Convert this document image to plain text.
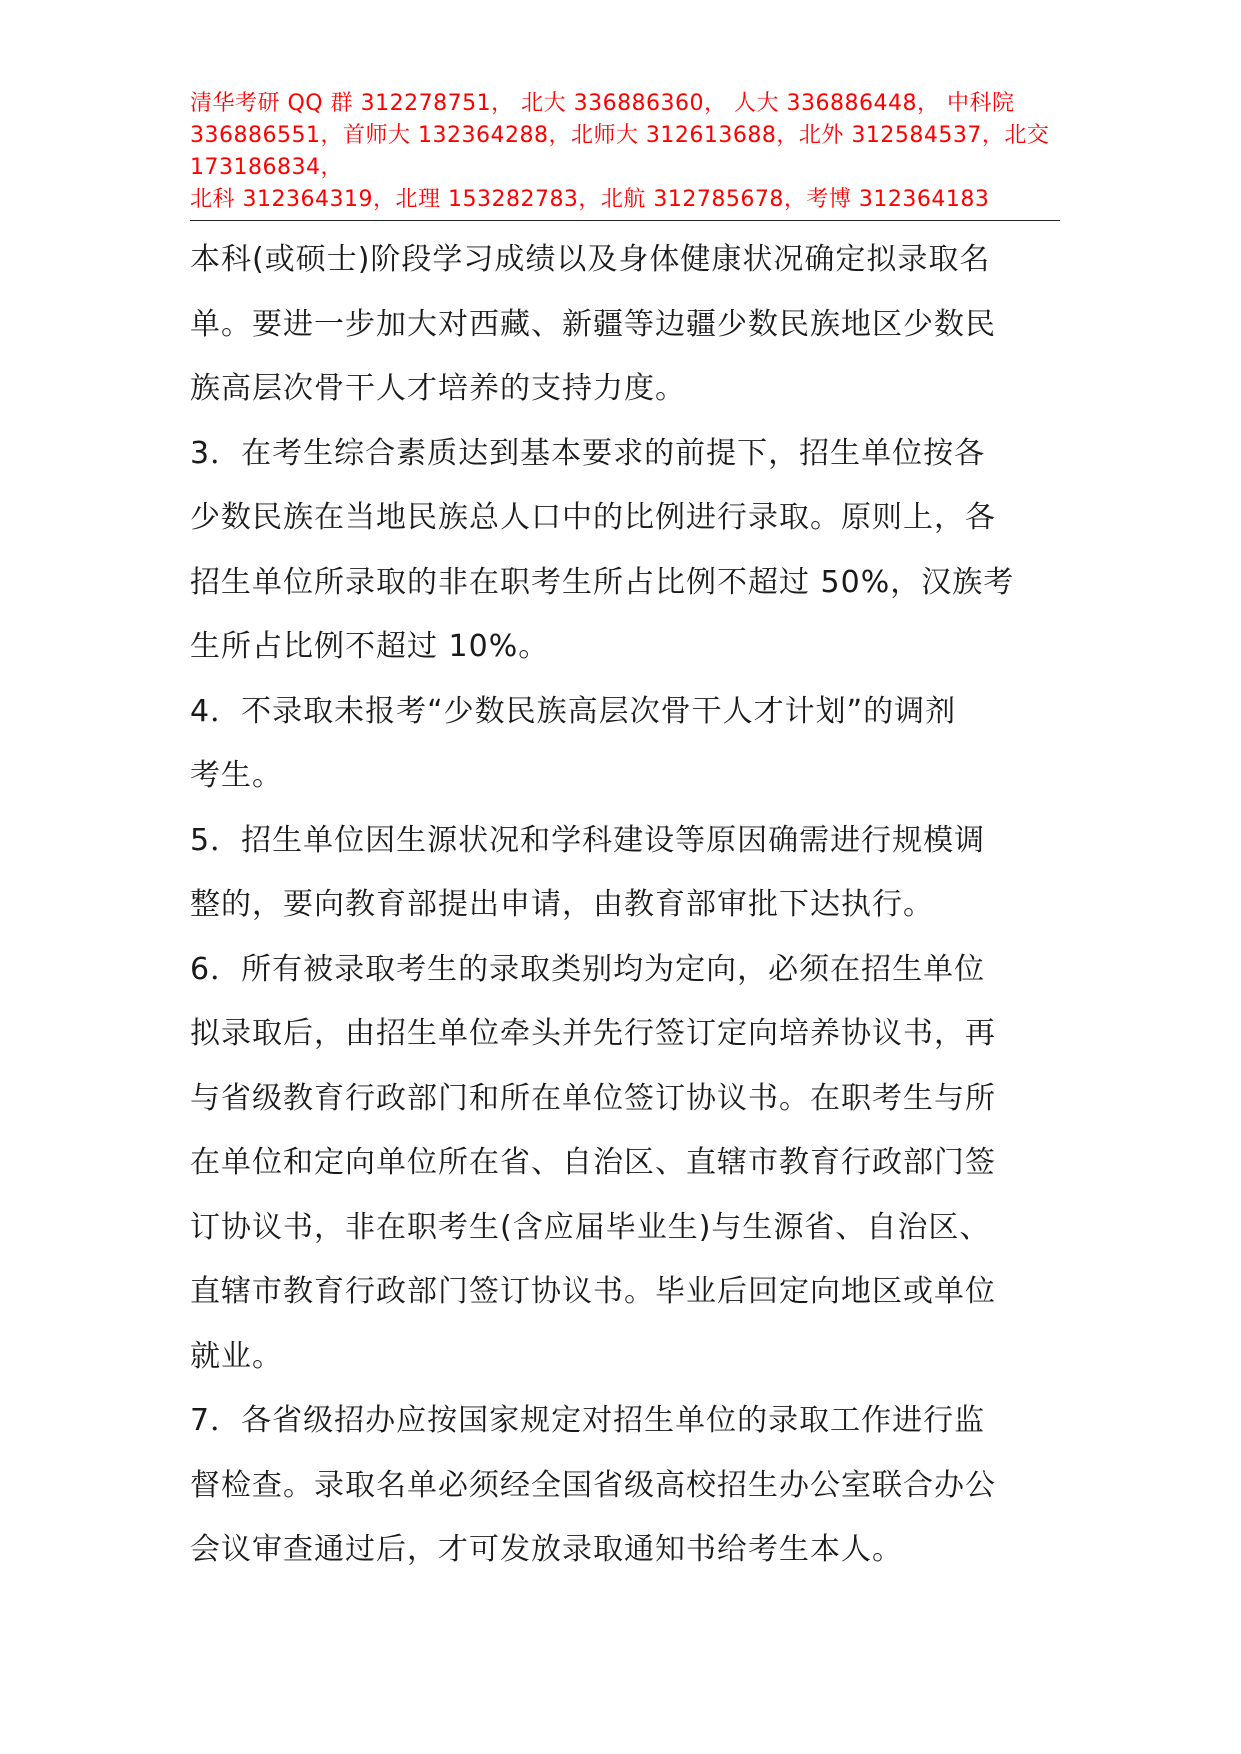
清华考研 QQ 群 312278751， 北大 336886360， 人大 336886448， 中科院
336886551，首师大 132364288，北师大 312613688，北外 312584537，北交
173186834，
北科 312364319，北理 153282783，北航 312785678，考博 312364183
本科(或硕士)阶段学习成绩以及身体健康状况确定拟录取名
单。要进一步加大对西藏、新疆等边疆少数民族地区少数民
族高层次骨干人才培养的支持力度。
3．在考生综合素质达到基本要求的前提下，招生单位按各
少数民族在当地民族总人口中的比例进行录取。原则上，各
招生单位所录取的非在职考生所占比例不超过 50%，汉族考
生所占比例不超过 10%。
4．不录取未报考“少数民族高层次骨干人才计划”的调剂
考生。
5．招生单位因生源状况和学科建设等原因确需进行规模调
整的，要向教育部提出申请，由教育部审批下达执行。
6．所有被录取考生的录取类别均为定向，必须在招生单位
拟录取后，由招生单位牵头并先行签订定向培养协议书，再
与省级教育行政部门和所在单位签订协议书。在职考生与所
在单位和定向单位所在省、自治区、直辖市教育行政部门签
订协议书，非在职考生(含应届毕业生)与生源省、自治区、
直辖市教育行政部门签订协议书。毕业后回定向地区或单位
就业。
7．各省级招办应按国家规定对招生单位的录取工作进行监
督检查。录取名单必须经全国省级高校招生办公室联合办公
会议审查通过后，才可发放录取通知书给考生本人。
